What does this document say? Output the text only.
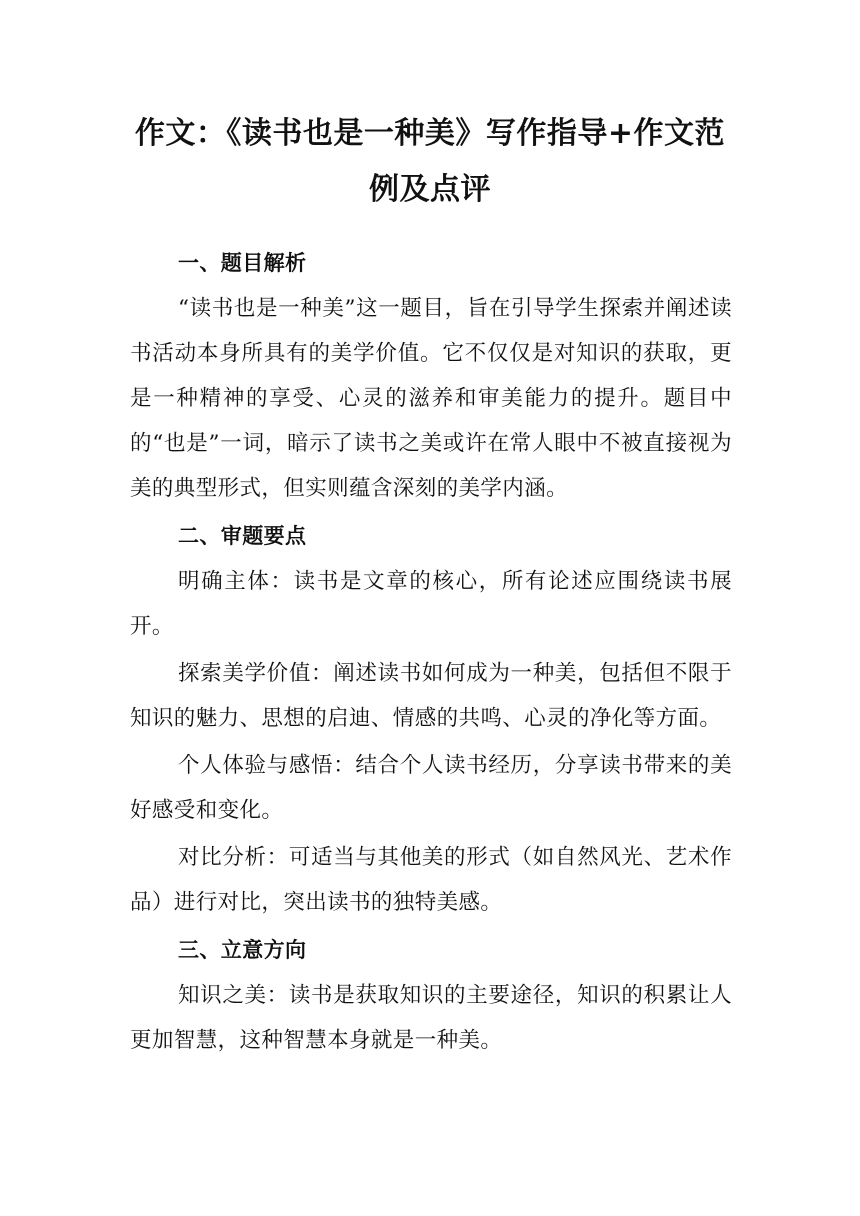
作文：《读书也是一种美》写作指导+作文范例及点评
一、题目解析

“读书也是一种美”这一题目，旨在引导学生探索并阐述读书活动本身所具有的美学价值。它不仅仅是对知识的获取，更是一种精神的享受、心灵的滋养和审美能力的提升。题目中的“也是”一词，暗示了读书之美或许在常人眼中不被直接视为美的典型形式，但实则蕴含深刻的美学内涵。

二、审题要点

明确主体：读书是文章的核心，所有论述应围绕读书展开。

探索美学价值：阐述读书如何成为一种美，包括但不限于知识的魅力、思想的启迪、情感的共鸣、心灵的净化等方面。

个人体验与感悟：结合个人读书经历，分享读书带来的美好感受和变化。

对比分析：可适当与其他美的形式（如自然风光、艺术作品）进行对比，突出读书的独特美感。

三、立意方向

知识之美：读书是获取知识的主要途径，知识的积累让人更加智慧，这种智慧本身就是一种美。
